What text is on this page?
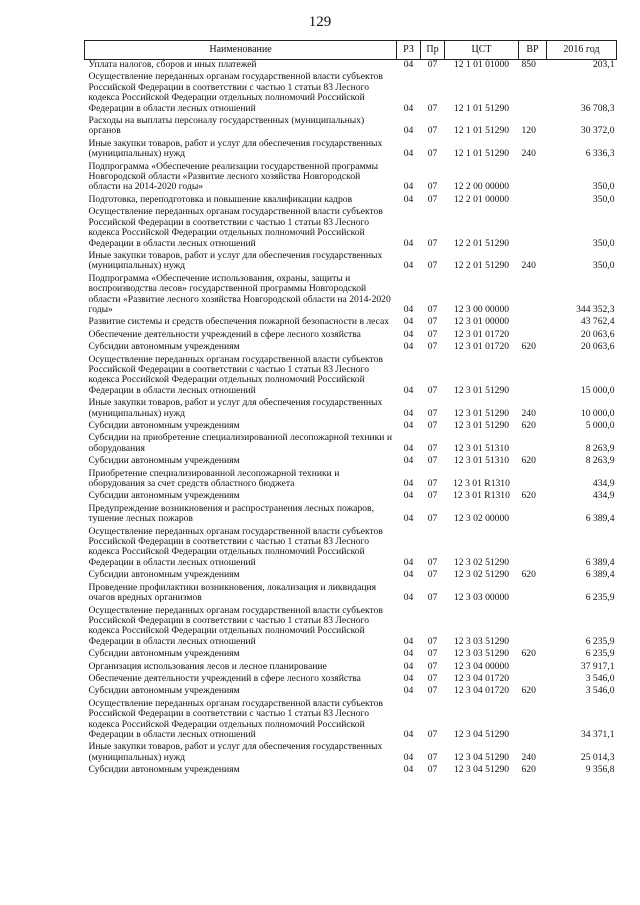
129
Наименование	РЗ	Пр	ЦСТ	ВР	2016 год
Уплата налогов, сборов и иных платежей	04	07	12 1 01 01000	850	203,1
Осуществление переданных органам государственной власти субъектов Российской Федерации в соответствии с частью 1 статьи 83 Лесного кодекса Российской Федерации отдельных полномочий Российской Федерации в области лесных отношений	04	07	12 1 01 51290		36 708,3
Расходы на выплаты персоналу государственных (муниципальных) органов	04	07	12 1 01 51290	120	30 372,0
Иные закупки товаров, работ и услуг для обеспечения государственных (муниципальных) нужд	04	07	12 1 01 51290	240	6 336,3
Подпрограмма «Обеспечение реализации государственной программы Новгородской области «Развитие лесного хозяйства Новгородской области на 2014-2020 годы»	04	07	12 2 00 00000		350,0
Подготовка, переподготовка и повышение квалификации кадров	04	07	12 2 01 00000		350,0
Осуществление переданных органам государственной власти субъектов Российской Федерации в соответствии с частью 1 статьи 83 Лесного кодекса Российской Федерации отдельных полномочий Российской Федерации в области лесных отношений	04	07	12 2 01 51290		350,0
Иные закупки товаров, работ и услуг для обеспечения государственных (муниципальных) нужд	04	07	12 2 01 51290	240	350,0
Подпрограмма «Обеспечение использования, охраны, защиты и воспроизводства лесов» государственной программы Новгородской области «Развитие лесного хозяйства Новгородской области на 2014-2020 годы»	04	07	12 3 00 00000		344 352,3
Развитие системы и средств обеспечения пожарной безопасности в лесах	04	07	12 3 01 00000		43 762,4
Обеспечение деятельности учреждений в сфере лесного хозяйства	04	07	12 3 01 01720		20 063,6
Субсидии автономным учреждениям	04	07	12 3 01 01720	620	20 063,6
Осуществление переданных органам государственной власти субъектов Российской Федерации в соответствии с частью 1 статьи 83 Лесного кодекса Российской Федерации отдельных полномочий Российской Федерации в области лесных отношений	04	07	12 3 01 51290		15 000,0
Иные закупки товаров, работ и услуг для обеспечения государственных (муниципальных) нужд	04	07	12 3 01 51290	240	10 000,0
Субсидии автономным учреждениям	04	07	12 3 01 51290	620	5 000,0
Субсидии на приобретение специализированной лесопожарной техники и оборудования	04	07	12 3 01 51310		8 263,9
Субсидии автономным учреждениям	04	07	12 3 01 51310	620	8 263,9
Приобретение специализированной лесопожарной техники и оборудования за счет средств областного бюджета	04	07	12 3 01 R1310		434,9
Субсидии автономным учреждениям	04	07	12 3 01 R1310	620	434,9
Предупреждение возникновения и распространения лесных пожаров, тушение лесных пожаров	04	07	12 3 02 00000		6 389,4
Осуществление переданных органам государственной власти субъектов Российской Федерации в соответствии с частью 1 статьи 83 Лесного кодекса Российской Федерации отдельных полномочий Российской Федерации в области лесных отношений	04	07	12 3 02 51290		6 389,4
Субсидии автономным учреждениям	04	07	12 3 02 51290	620	6 389,4
Проведение профилактики возникновения, локализация и ликвидация очагов вредных организмов	04	07	12 3 03 00000		6 235,9
Осуществление переданных органам государственной власти субъектов Российской Федерации в соответствии с частью 1 статьи 83 Лесного кодекса Российской Федерации отдельных полномочий Российской Федерации в области лесных отношений	04	07	12 3 03 51290		6 235,9
Субсидии автономным учреждениям	04	07	12 3 03 51290	620	6 235,9
Организация использования лесов и лесное планирование	04	07	12 3 04 00000		37 917,1
Обеспечение деятельности учреждений в сфере лесного хозяйства	04	07	12 3 04 01720		3 546,0
Субсидии автономным учреждениям	04	07	12 3 04 01720	620	3 546,0
Осуществление переданных органам государственной власти субъектов Российской Федерации в соответствии с частью 1 статьи 83 Лесного кодекса Российской Федерации отдельных полномочий Российской Федерации в области лесных отношений	04	07	12 3 04 51290		34 371,1
Иные закупки товаров, работ и услуг для обеспечения государственных (муниципальных) нужд	04	07	12 3 04 51290	240	25 014,3
Субсидии автономным учреждениям	04	07	12 3 04 51290	620	9 356,8
